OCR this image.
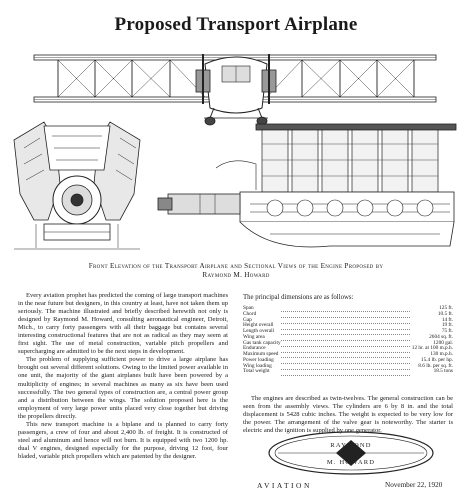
Proposed Transport Airplane
Front Elevation of the Transport Airplane and Sectional Views of the Engine Proposed by
Raymond M. Howard

Every aviation prophet has predicted the coming of large transport machines in the near future but designers, in this country at least, have not taken them up seriously. The machine illustrated and briefly described herewith not only is designed by Raymond M. Howard, consulting aeronautical engineer, Detroit, Mich., to carry forty passengers with all their baggage but contains several interesting constructional features that are not as radical as they may seem at first sight. The use of metal construction, variable pitch propellers and supercharging are admitted to be the next steps in development.

The problem of supplying sufficient power to drive a large airplane has brought out several different solutions. Owing to the limited power available in one unit, the majority of the giant airplanes built have been powered by a multiplicity of engines; in several machines as many as six have been used successfully. The two general types of construction are, a central power group and a distribution between the wings. The solution proposed here is the employment of very large power units placed very close together but driving the propellers directly.

This new transport machine is a biplane and is planned to carry forty passengers, a crew of four and about 2,400 lb. of freight. It is constructed of steel and aluminum and hence will not burn. It is equipped with two 1200 hp. dual V engines, designed especially for the purpose, driving 12 foot, four bladed, variable pitch propellers which are patented by the designer.

The principal dimensions are as follows:
Span		125 ft.
Chord		10.5 ft.
Gap		14 ft.
Height overall		19 ft.
Length overall		75 ft.
Wing area		2604 sq. ft.
Gas tank capacity		1200 gal.
Endurance		12 hr. at 100 m.p.h.
Maximum speed		130 m.p.h.
Power loading		15.4 lb. per hp.
Wing loading		8.6 lb. per sq. ft.
Total weight		18.5 tons

The engines are described as twin-twelves. The general construction can be seen from the assembly views. The cylinders are 6 by 8 in. and the total displacement is 5428 cubic inches. The weight is expected to be very low for the power. The arrangement of the valve gear is noteworthy. The starter is electric and the ignition is supplied by one generator.

RAYMOND
M. HOWARD
AVIATION	November 22, 1920
